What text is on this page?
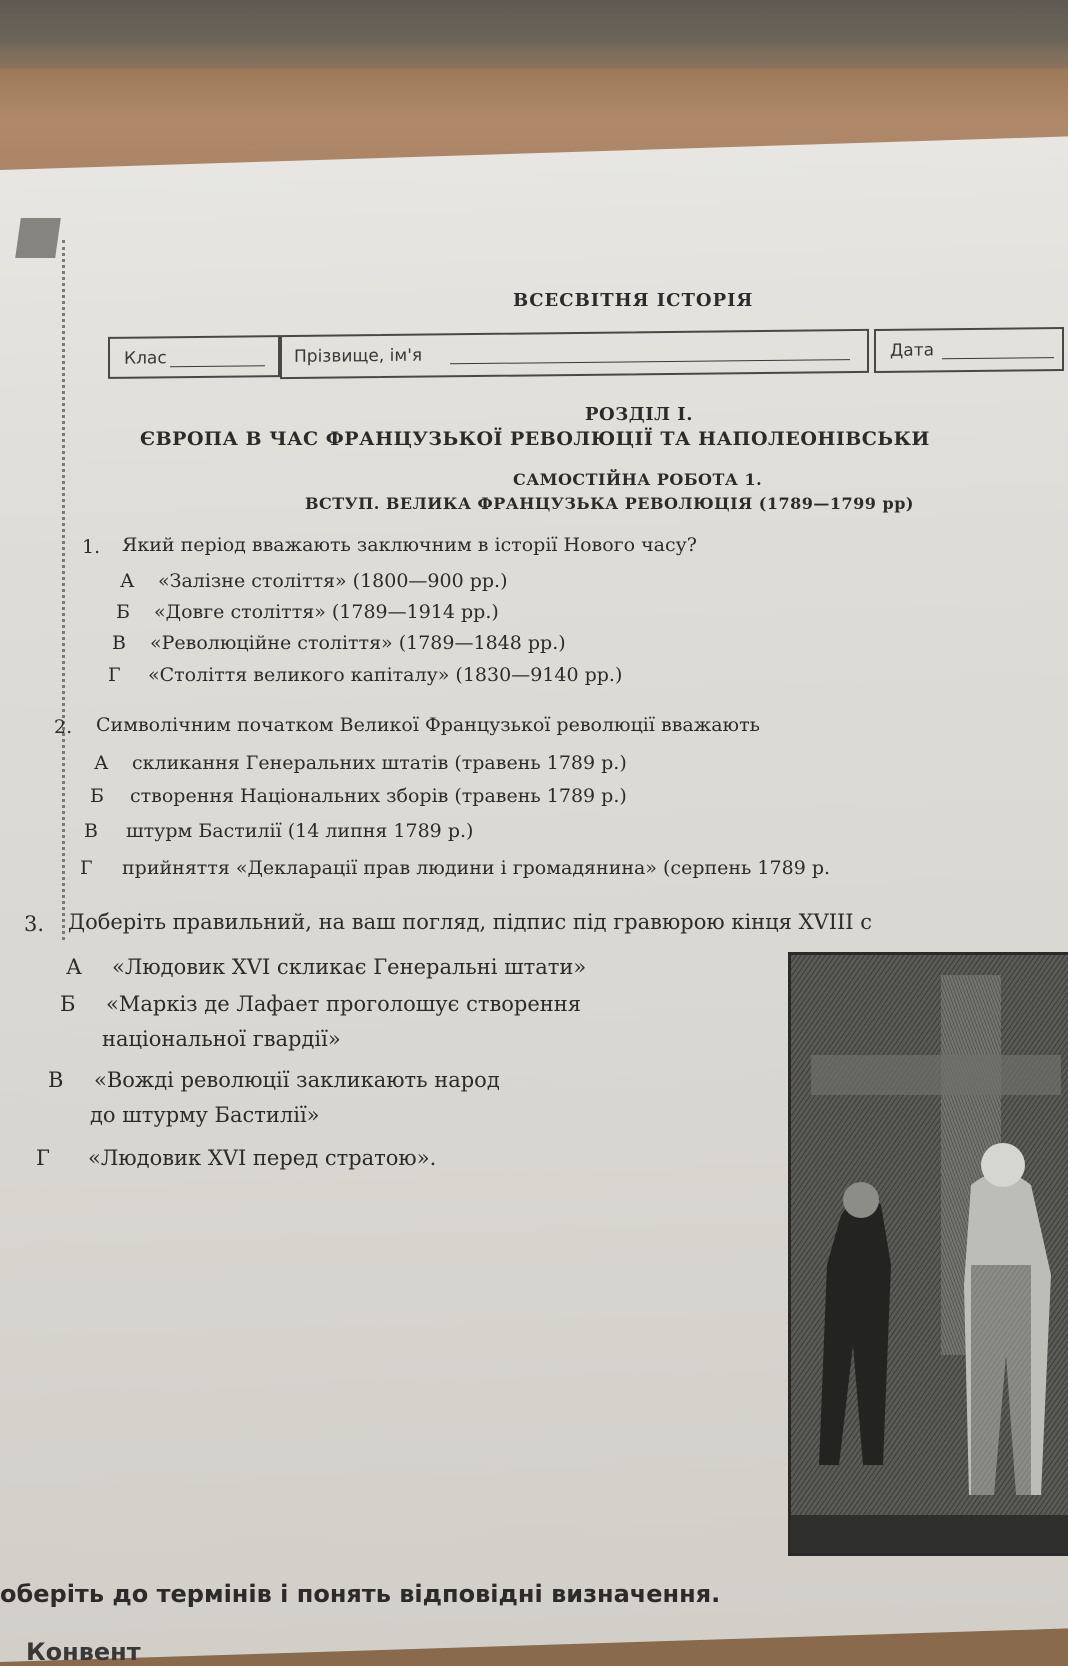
ВСЕСВІТНЯ ІСТОРІЯ
Клас	Прізвище, ім'я	Дата
РОЗДІЛ І.
ЄВРОПА В ЧАС ФРАНЦУЗЬКОЇ РЕВОЛЮЦІЇ ТА НАПОЛЕОНІВСЬКИ
САМОСТІЙНА РОБОТА 1.
ВСТУП. ВЕЛИКА ФРАНЦУЗЬКА РЕВОЛЮЦІЯ (1789—1799 рр)
1. Який період вважають заключним в історії Нового часу?
А «Залізне століття» (1800—900 рр.)
Б «Довге століття» (1789—1914 рр.)
В «Революційне століття» (1789—1848 рр.)
Г «Століття великого капіталу» (1830—9140 рр.)
2. Символічним початком Великої Французької революції вважають
А скликання Генеральних штатів (травень 1789 р.)
Б створення Національних зборів (травень 1789 р.)
В штурм Бастилії (14 липня 1789 р.)
Г прийняття «Декларації прав людини і громадянина» (серпень 1789 р.
3. Доберіть правильний, на ваш погляд, підпис під гравюрою кінця XVIII с
А «Людовик XVI скликає Генеральні штати»
Б «Маркіз де Лафает проголошує створення
національної гвардії»
В «Вожді революції закликають народ
до штурму Бастилії»
Г «Людовик XVI перед стратою».
оберіть до термінів і понять відповідні визначення.
Конвент
